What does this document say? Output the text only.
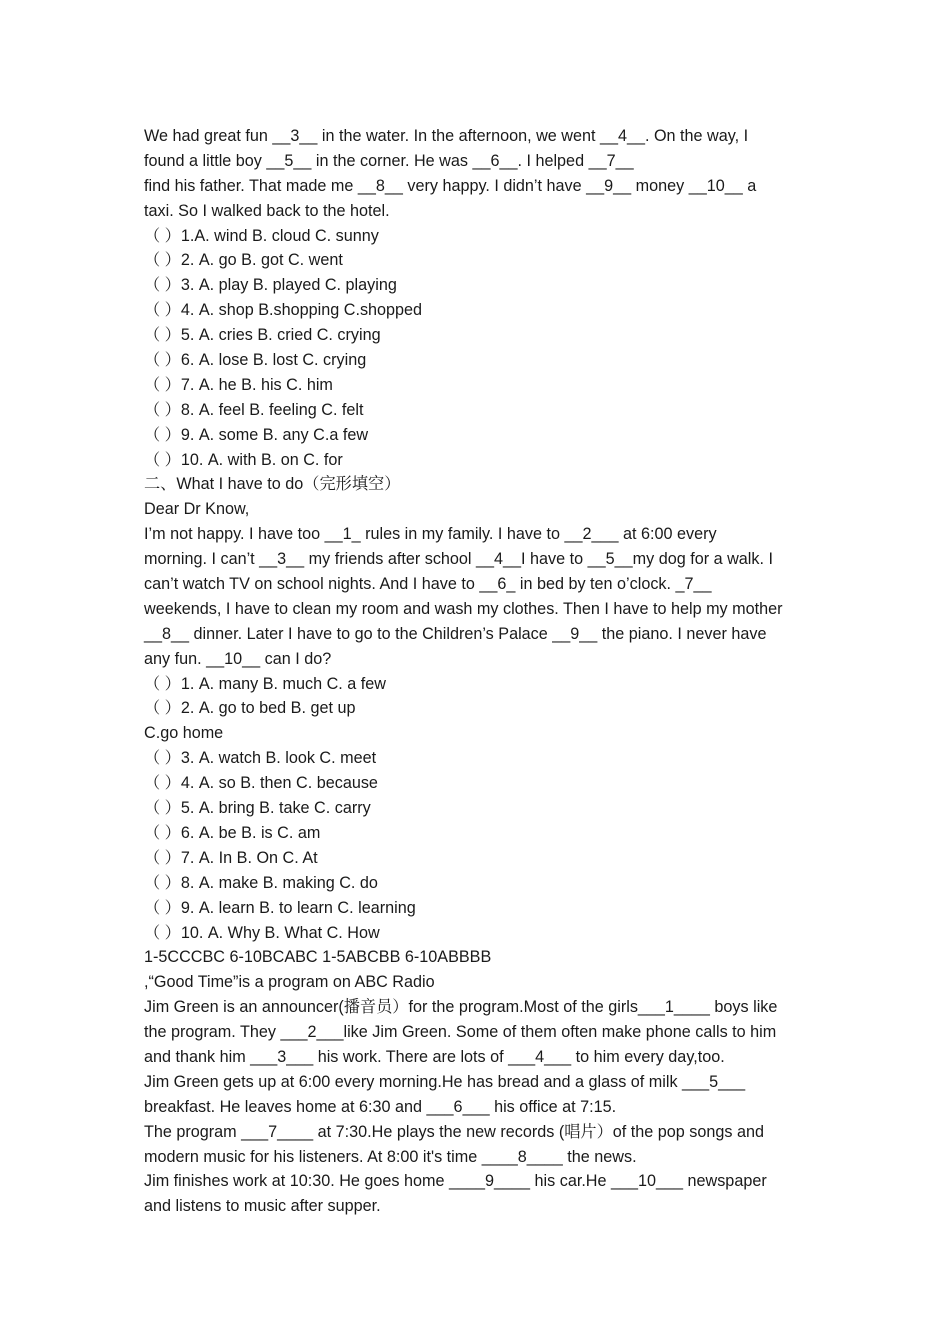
We had great fun __3__ in the water. In the afternoon, we went __4__. On the way, I
found a little boy __5__ in the corner. He was __6__. I helped __7__
find his father. That made me __8__ very happy. I didn’t have __9__ money __10__ a
taxi. So I walked back to the hotel.
（ ）1.A. wind B. cloud C. sunny
（ ）2. A. go B. got C. went
（ ）3. A. play B. played C. playing
（ ）4. A. shop B.shopping C.shopped
（ ）5. A. cries B. cried C. crying
（ ）6. A. lose B. lost C. crying
（ ）7. A. he B. his C. him
（ ）8. A. feel B. feeling C. felt
（ ）9. A. some B. any C.a few
（ ）10. A. with B. on C. for
二、What I have to do（完形填空）
Dear Dr Know,
I’m not happy. I have too __1_ rules in my family. I have to __2___ at 6:00 every
morning. I can’t __3__ my friends after school __4__I have to __5__my dog for a walk. I
can’t watch TV on school nights. And I have to __6_ in bed by ten o’clock. _7__
weekends, I have to clean my room and wash my clothes. Then I have to help my mother
__8__ dinner. Later I have to go to the Children’s Palace __9__ the piano. I never have
any fun. __10__ can I do?
（ ）1. A. many B. much C. a few
（ ）2. A. go to bed B. get up
C.go home
（ ）3. A. watch B. look C. meet
（ ）4. A. so B. then C. because
（ ）5. A. bring B. take C. carry
（ ）6. A. be B. is C. am
（ ）7. A. In B. On C. At
（ ）8. A. make B. making C. do
（ ）9. A. learn B. to learn C. learning
（ ）10. A. Why B. What C. How
1-5CCCBC 6-10BCABC 1-5ABCBB 6-10ABBBB
,“Good Time”is a program on ABC Radio
Jim Green is an announcer(播音员）for the program.Most of the girls___1____ boys like
the program. They ___2___like Jim Green. Some of them often make phone calls to him
and thank him ___3___ his work. There are lots of ___4___ to him every day,too.
Jim Green gets up at 6:00 every morning.He has bread and a glass of milk ___5___
breakfast. He leaves home at 6:30 and ___6___ his office at 7:15.
The program ___7____ at 7:30.He plays the new records (唱片）of the pop songs and
modern music for his listeners. At 8:00 it's time ____8____ the news.
Jim finishes work at 10:30. He goes home ____9____ his car.He ___10___ newspaper
and listens to music after supper.
